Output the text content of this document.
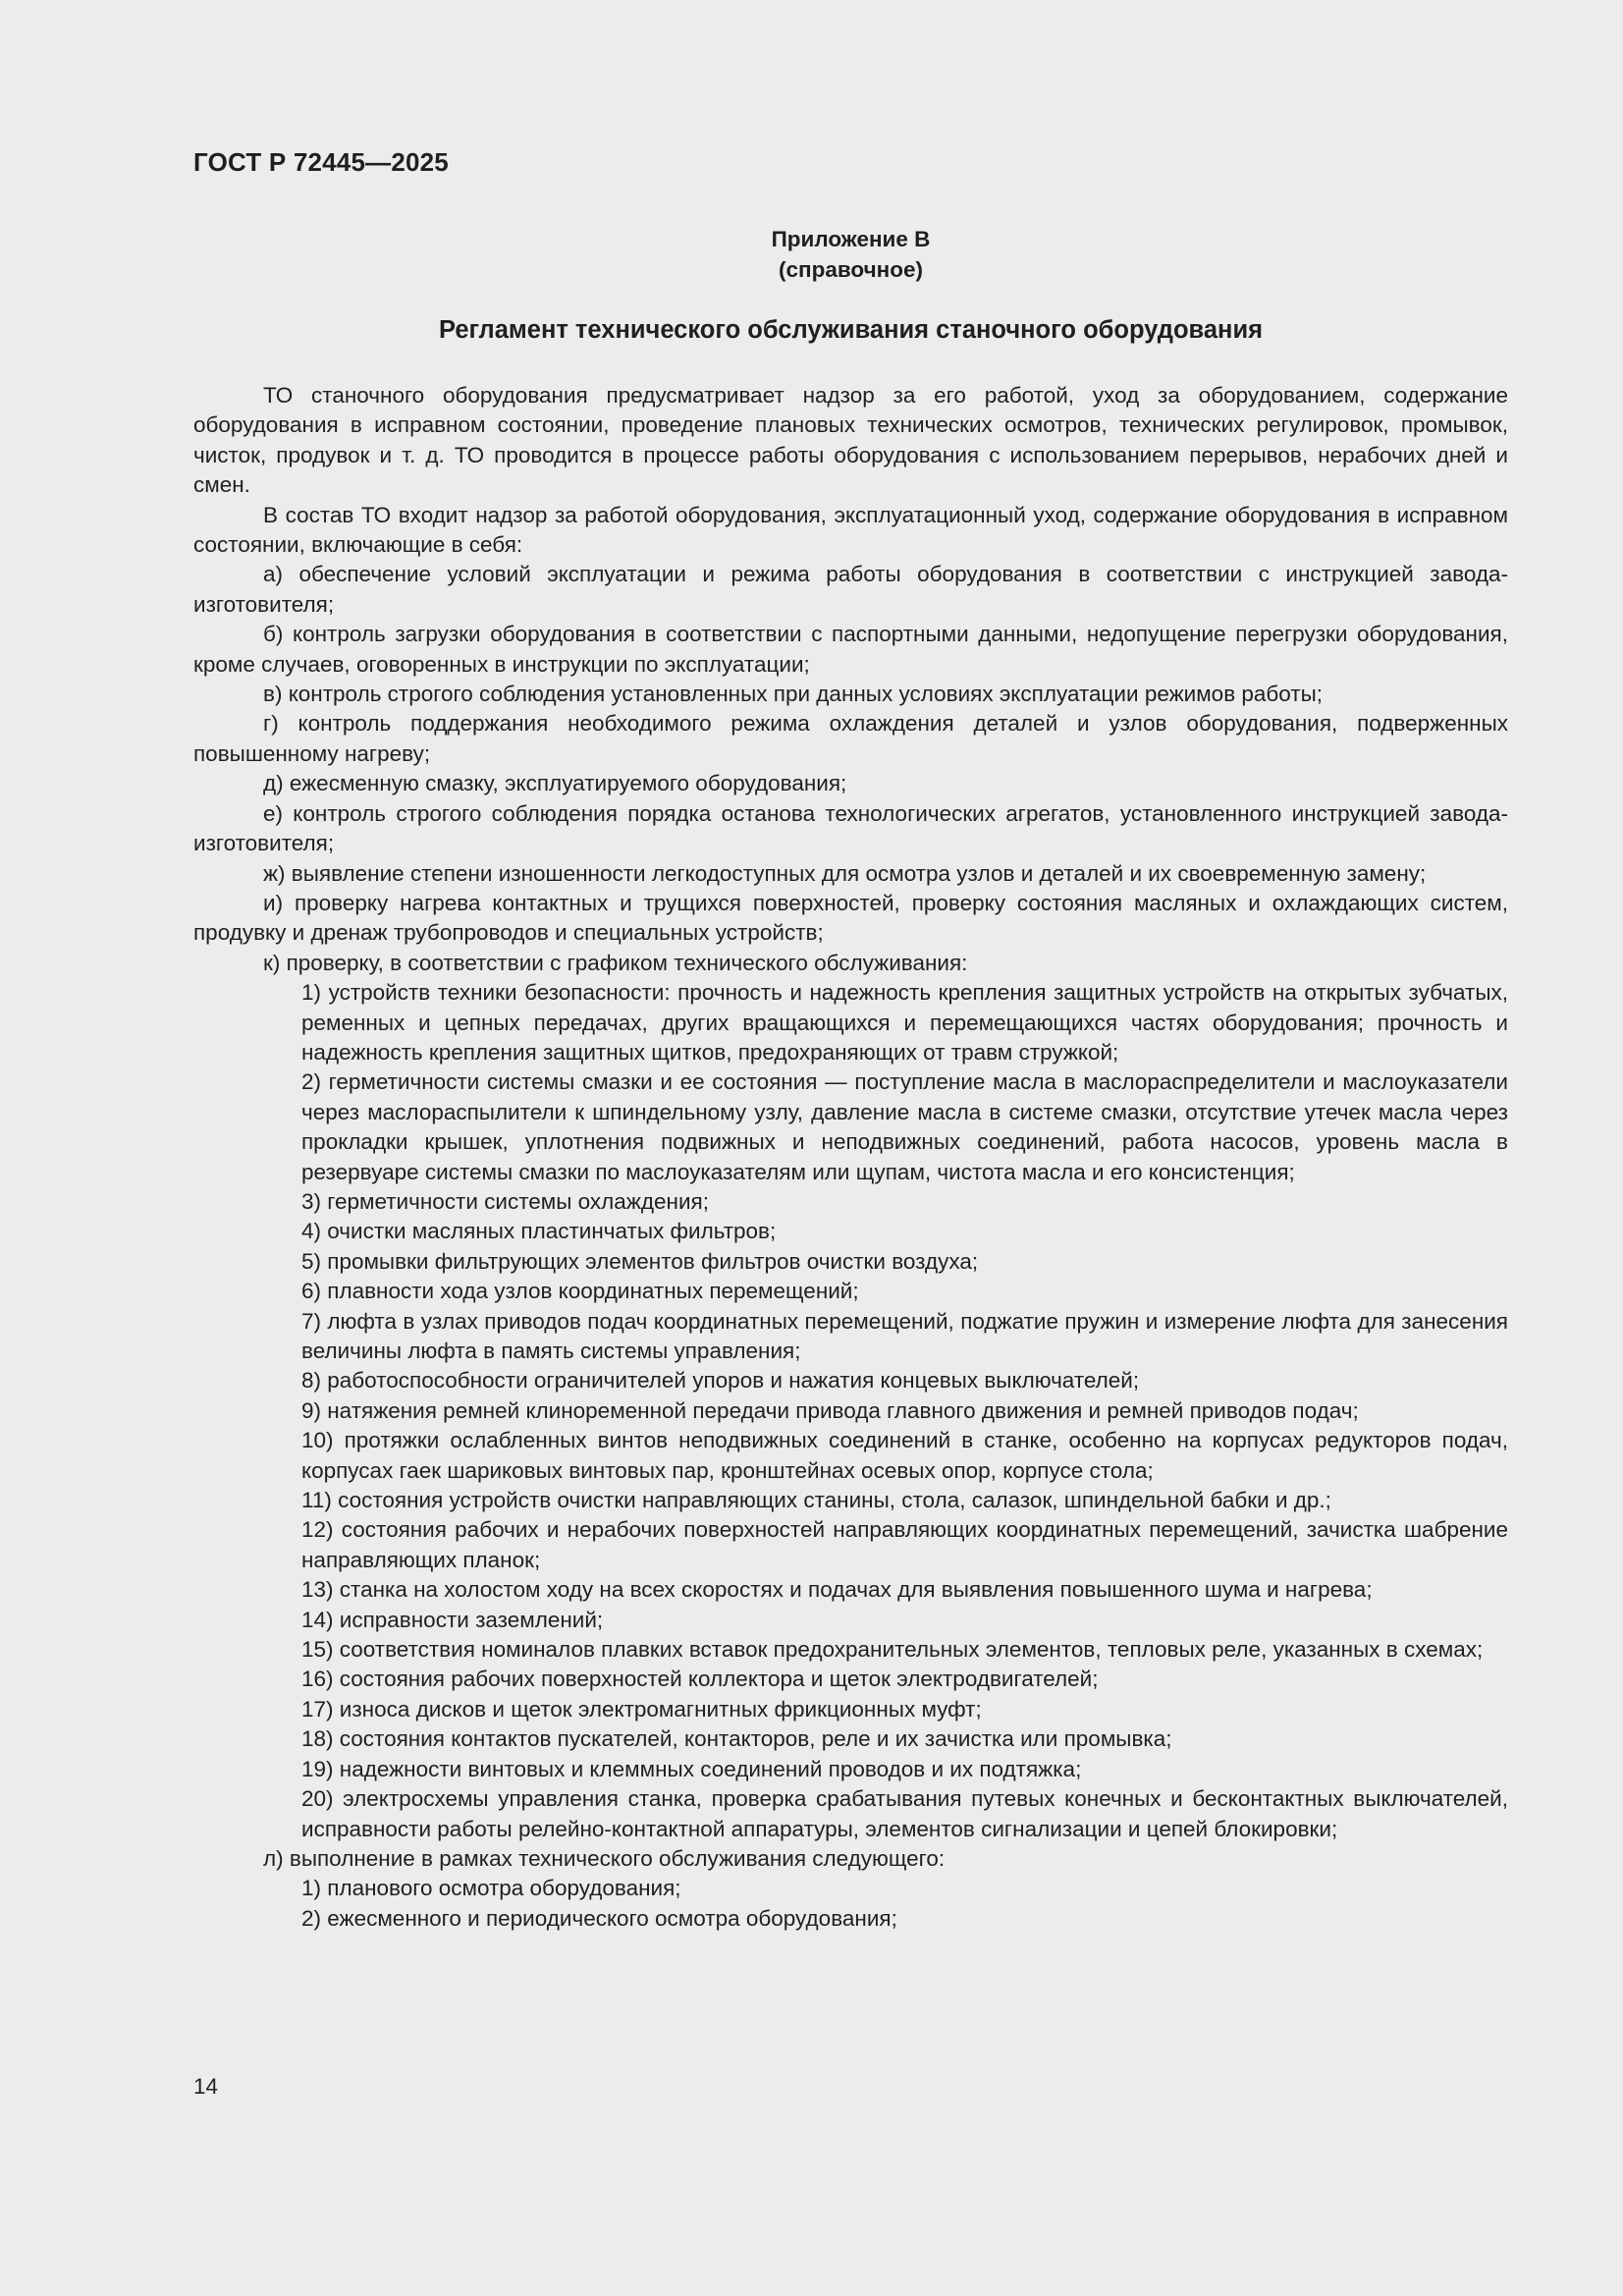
ГОСТ Р 72445—2025
Приложение В
(справочное)
Регламент технического обслуживания станочного оборудования

ТО станочного оборудования предусматривает надзор за его работой, уход за оборудованием, содержание оборудования в исправном состоянии, проведение плановых технических осмотров, технических регулировок, промывок, чисток, продувок и т. д. ТО проводится в процессе работы оборудования с использованием перерывов, нерабочих дней и смен.

В состав ТО входит надзор за работой оборудования, эксплуатационный уход, содержание оборудования в исправном состоянии, включающие в себя:

а) обеспечение условий эксплуатации и режима работы оборудования в соответствии с инструкцией завода-изготовителя;

б) контроль загрузки оборудования в соответствии с паспортными данными, недопущение перегрузки оборудования, кроме случаев, оговоренных в инструкции по эксплуатации;

в) контроль строгого соблюдения установленных при данных условиях эксплуатации режимов работы;

г) контроль поддержания необходимого режима охлаждения деталей и узлов оборудования, подверженных повышенному нагреву;

д) ежесменную смазку, эксплуатируемого оборудования;

е) контроль строгого соблюдения порядка останова технологических агрегатов, установленного инструкцией завода-изготовителя;

ж) выявление степени изношенности легкодоступных для осмотра узлов и деталей и их своевременную замену;

и) проверку нагрева контактных и трущихся поверхностей, проверку состояния масляных и охлаждающих систем, продувку и дренаж трубопроводов и специальных устройств;

к) проверку, в соответствии с графиком технического обслуживания:

1) устройств техники безопасности: прочность и надежность крепления защитных устройств на открытых зубчатых, ременных и цепных передачах, других вращающихся и перемещающихся частях оборудования; прочность и надежность крепления защитных щитков, предохраняющих от травм стружкой;

2) герметичности системы смазки и ее состояния — поступление масла в маслораспределители и маслоуказатели через маслораспылители к шпиндельному узлу, давление масла в системе смазки, отсутствие утечек масла через прокладки крышек, уплотнения подвижных и неподвижных соединений, работа насосов, уровень масла в резервуаре системы смазки по маслоуказателям или щупам, чистота масла и его консистенция;

3) герметичности системы охлаждения;

4) очистки масляных пластинчатых фильтров;

5) промывки фильтрующих элементов фильтров очистки воздуха;

6) плавности хода узлов координатных перемещений;

7) люфта в узлах приводов подач координатных перемещений, поджатие пружин и измерение люфта для занесения величины люфта в память системы управления;

8) работоспособности ограничителей упоров и нажатия концевых выключателей;

9) натяжения ремней клиноременной передачи привода главного движения и ремней приводов подач;

10) протяжки ослабленных винтов неподвижных соединений в станке, особенно на корпусах редукторов подач, корпусах гаек шариковых винтовых пар, кронштейнах осевых опор, корпусе стола;

11) состояния устройств очистки направляющих станины, стола, салазок, шпиндельной бабки и др.;

12) состояния рабочих и нерабочих поверхностей направляющих координатных перемещений, зачистка шабрение направляющих планок;

13) станка на холостом ходу на всех скоростях и подачах для выявления повышенного шума и нагрева;

14) исправности заземлений;

15) соответствия номиналов плавких вставок предохранительных элементов, тепловых реле, указанных в схемах;

16) состояния рабочих поверхностей коллектора и щеток электродвигателей;

17) износа дисков и щеток электромагнитных фрикционных муфт;

18) состояния контактов пускателей, контакторов, реле и их зачистка или промывка;

19) надежности винтовых и клеммных соединений проводов и их подтяжка;

20) электросхемы управления станка, проверка срабатывания путевых конечных и бесконтактных выключателей, исправности работы релейно-контактной аппаратуры, элементов сигнализации и цепей блокировки;

л) выполнение в рамках технического обслуживания следующего:

1) планового осмотра оборудования;

2) ежесменного и периодического осмотра оборудования;

14
